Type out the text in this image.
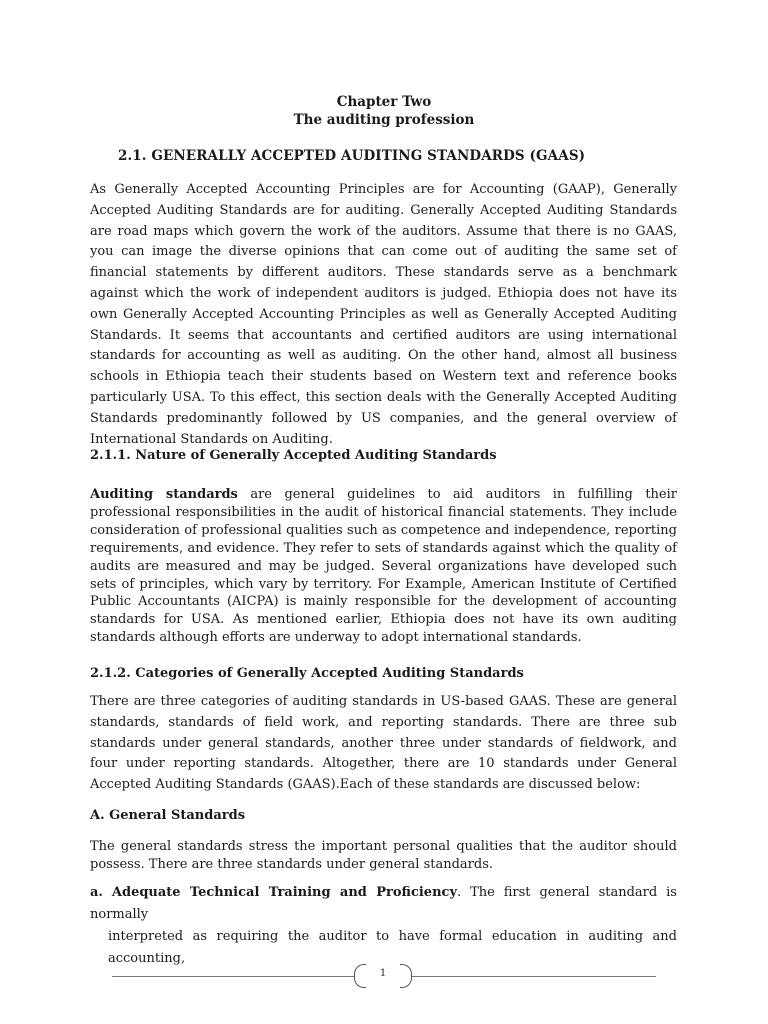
Chapter Two
The auditing profession
2.1. GENERALLY ACCEPTED AUDITING STANDARDS (GAAS)

As Generally Accepted Accounting Principles are for Accounting (GAAP), Generally Accepted Auditing Standards are for auditing. Generally Accepted Auditing Standards are road maps which govern the work of the auditors. Assume that there is no GAAS, you can image the diverse opinions that can come out of auditing the same set of financial statements by different auditors. These standards serve as a benchmark against which the work of independent auditors is judged. Ethiopia does not have its own Generally Accepted Accounting Principles as well as Generally Accepted Auditing Standards. It seems that accountants and certified auditors are using international standards for accounting as well as auditing. On the other hand, almost all business schools in Ethiopia teach their students based on Western text and reference books particularly USA. To this effect, this section deals with the Generally Accepted Auditing Standards predominantly followed by US companies, and the general overview of International Standards on Auditing.

2.1.1. Nature of Generally Accepted Auditing Standards

Auditing standards are general guidelines to aid auditors in fulfilling their professional responsibilities in the audit of historical financial statements. They include consideration of professional qualities such as competence and independence, reporting requirements, and evidence. They refer to sets of standards against which the quality of audits are measured and may be judged. Several organizations have developed such sets of principles, which vary by territory. For Example, American Institute of Certified Public Accountants (AICPA) is mainly responsible for the development of accounting standards for USA. As mentioned earlier, Ethiopia does not have its own auditing standards although efforts are underway to adopt international standards.

2.1.2. Categories of Generally Accepted Auditing Standards

There are three categories of auditing standards in US-based GAAS. These are general standards, standards of field work, and reporting standards. There are three sub standards under general standards, another three under standards of fieldwork, and four under reporting standards. Altogether, there are 10 standards under General Accepted Auditing Standards (GAAS).Each of these standards are discussed below:

A. General Standards

The general standards stress the important personal qualities that the auditor should possess. There are three standards under general standards.

a. Adequate Technical Training and Proficiency. The first general standard is normally
interpreted as requiring the auditor to have formal education in auditing and accounting,
1
